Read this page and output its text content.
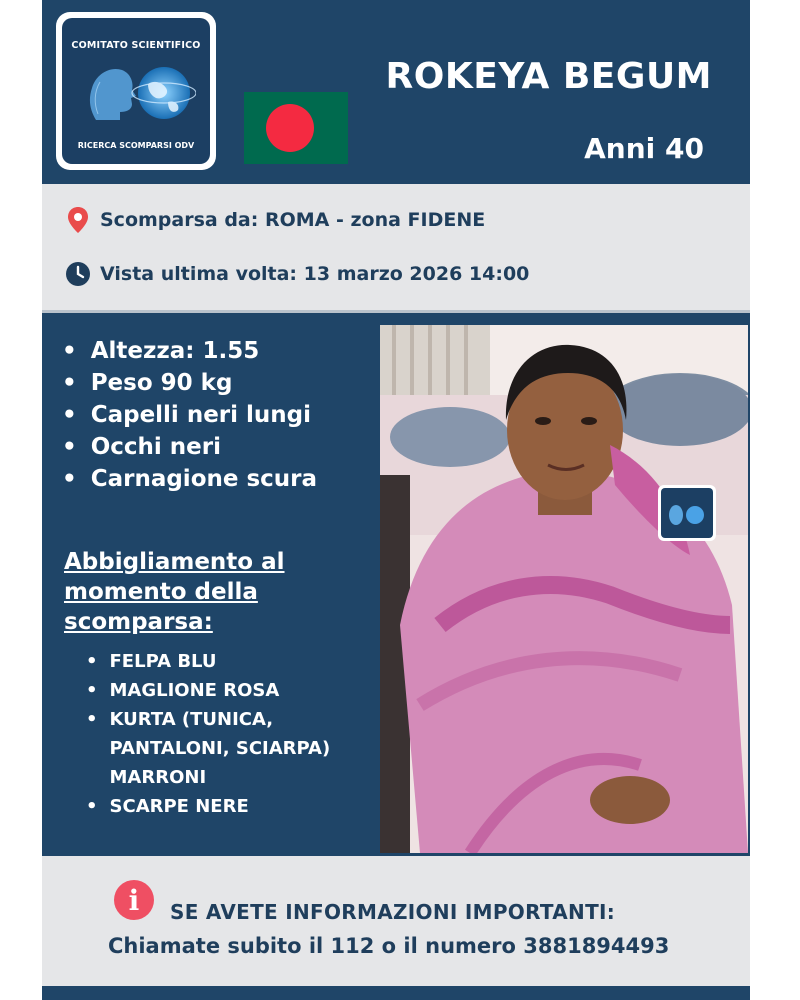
COMITATO SCIENTIFICO
RICERCA SCOMPARSI ODV
ROKEYA BEGUM
Anni 40
Scomparsa da: ROMA - zona FIDENE
Vista ultima volta: 13 marzo 2026 14:00
• Altezza: 1.55
• Peso 90 kg
• Capelli neri lungi
• Occhi neri
• Carnagione scura
Abbigliamento al momento della scomparsa:
• FELPA BLU
• MAGLIONE ROSA
• KURTA (TUNICA, PANTALONI, SCIARPA) MARRONI
• SCARPE NERE
i	SE AVETE INFORMAZIONI IMPORTANTI:
Chiamate subito il 112 o il numero 3881894493
